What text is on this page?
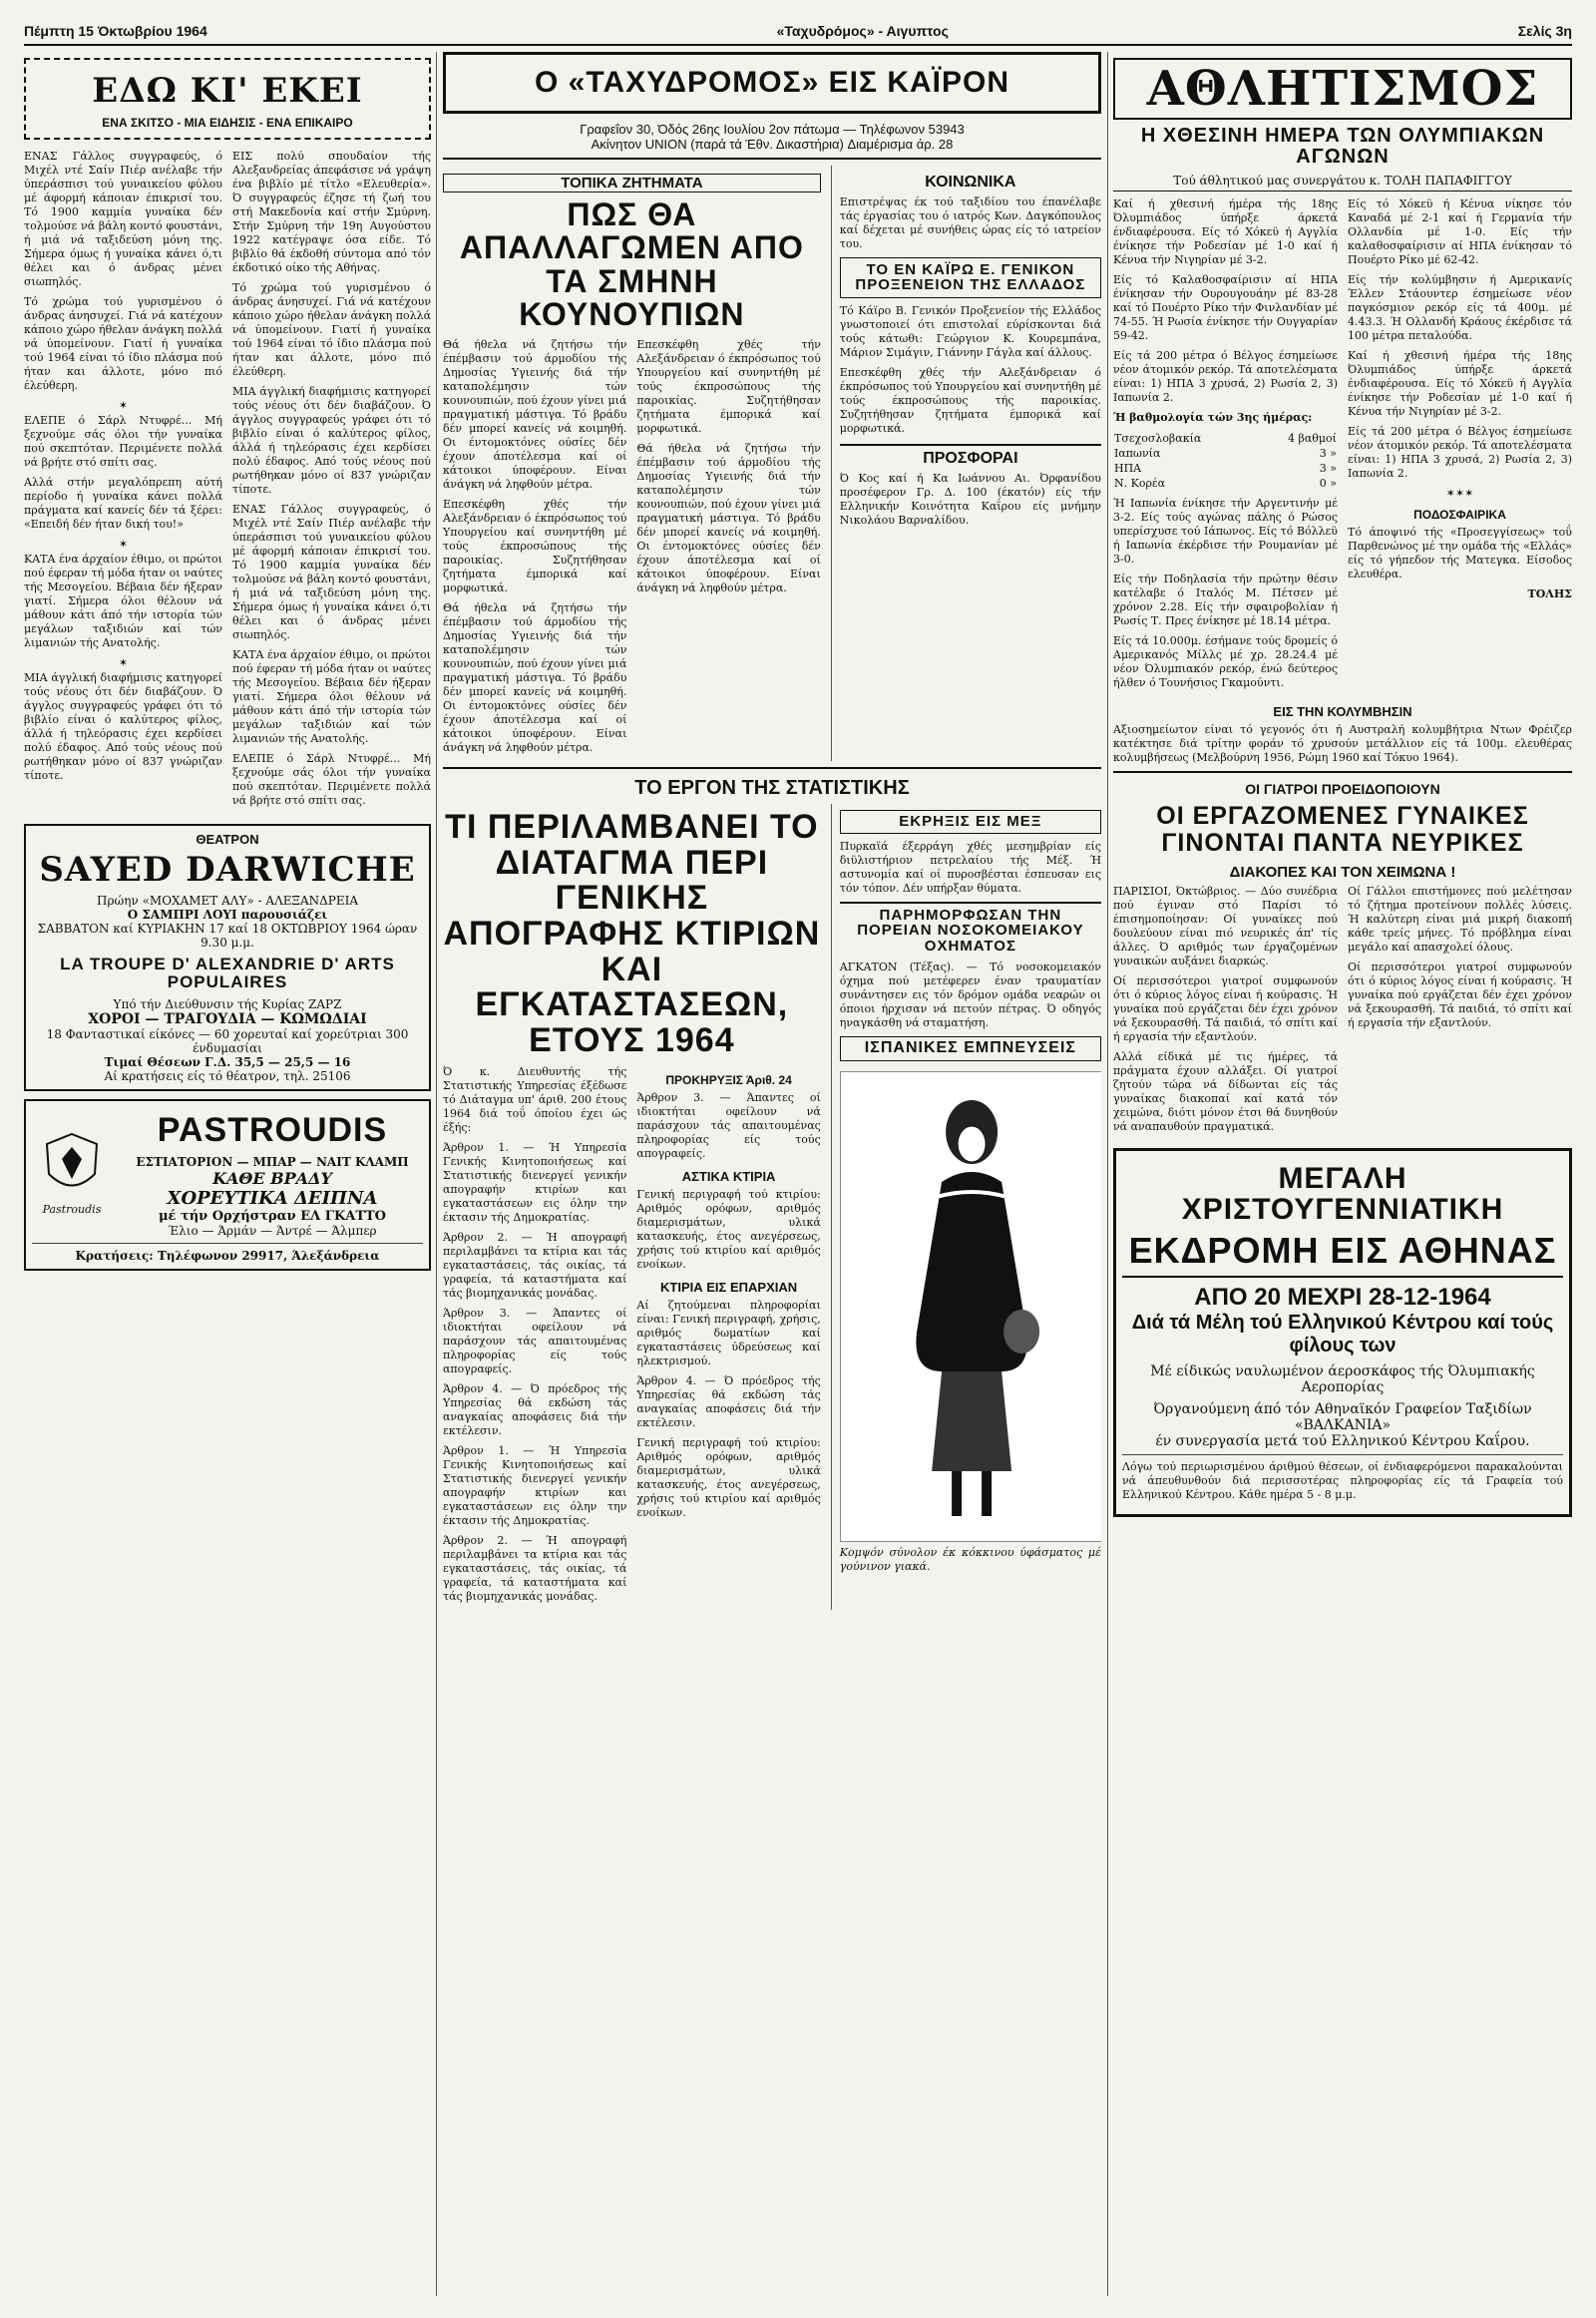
Πέμπτη 15 Όκτωβρίου 1964	«Ταχυδρόμος» - Αιγυπτος	Σελίς 3η
ΕΔΩ ΚΙ' ΕΚΕΙ
ΕΝΑ ΣΚΙΤΣΟ - ΜΙΑ ΕΙΔΗΣΙΣ - ΕΝΑ ΕΠΙΚΑΙΡΟ

ΕΝΑΣ Γάλλος συγγραφεύς, ό Μιχέλ ντέ Σαίν Πιέρ ανέλαβε τήν ύπεράσπισι τού γυναικείου φύλου μέ άφορμή κάποιαν έπικρισί του. Τό 1900 καμμία γυναίκα δέν τολμούσε νά βάλη κοντό φουστάνι, ή μιά νά ταξιδεύση μόνη της. Σήμερα όμως ή γυναίκα κάνει ό,τι θέλει και ό άνδρας μένει σιωπηλός.

Τό χρώμα τού γυρισμένου ό άνδρας άνησυχεί. Γιά νά κατέχουν κάποιο χώρο ήθελαν άνάγκη πολλά νά ύπομείνουν. Γιατί ή γυναίκα τού 1964 είναι τό ίδιο πλάσμα πού ήταν και άλλοτε, μόνο πιό έλεύθερη.

✶

ΕΛΕΠΕ ό Σάρλ Ντυφρέ... Μή ξεχνούμε σάς όλοι τήν γυναίκα πού σκεπτόταν. Περιμένετε πολλά νά βρήτε στό σπίτι σας.

Αλλά στήν μεγαλόπρεπη αύτή περίοδο ή γυναίκα κάνει πολλά πράγματα καί κανείς δέν τά ξέρει: «Επειδή δέν ήταν δική του!»

✶

ΚΑΤΑ ένα άρχαίον έθιμο, οι πρώτοι πού έφεραν τή μόδα ήταν οι ναύτες τής Μεσογείου. Βέβαια δέν ήξεραν γιατί. Σήμερα όλοι θέλουν νά μάθουν κάτι άπό τήν ιστορία τών μεγάλων ταξιδιών καί τών λιμανιών τής Ανατολής.

✶

ΜΙΑ άγγλική διαφήμισις κατηγορεί τούς νέους ότι δέν διαβάζουν. Ό άγγλος συγγραφεύς γράφει ότι τό βιβλίο είναι ό καλύτερος φίλος, άλλά ή τηλεόρασις έχει κερδίσει πολύ έδαφος. Από τούς νέους πού ρωτήθηκαν μόνο οί 837 γνώριζαν τίποτε.

ΕΙΣ πολύ σπουδαίον τής Αλεξανδρείας άπεφάσισε νά γράψη ένα βιβλίο μέ τίτλο «Ελευθερία». Ό συγγραφεύς έζησε τή ζωή του στή Μακεδονία καί στήν Σμύρνη. Στήν Σμύρνη τήν 19η Αυγούστου 1922 κατέγραψε όσα είδε. Τό βιβλίο θά έκδοθή σύντομα από τόν έκδοτικό οίκο τής Αθήνας.

Τό χρώμα τού γυρισμένου ό άνδρας άνησυχεί. Γιά νά κατέχουν κάποιο χώρο ήθελαν άνάγκη πολλά νά ύπομείνουν. Γιατί ή γυναίκα τού 1964 είναι τό ίδιο πλάσμα πού ήταν και άλλοτε, μόνο πιό έλεύθερη.

ΜΙΑ άγγλική διαφήμισις κατηγορεί τούς νέους ότι δέν διαβάζουν. Ό άγγλος συγγραφεύς γράφει ότι τό βιβλίο είναι ό καλύτερος φίλος, άλλά ή τηλεόρασις έχει κερδίσει πολύ έδαφος. Από τούς νέους πού ρωτήθηκαν μόνο οί 837 γνώριζαν τίποτε.

ΕΝΑΣ Γάλλος συγγραφεύς, ό Μιχέλ ντέ Σαίν Πιέρ ανέλαβε τήν ύπεράσπισι τού γυναικείου φύλου μέ άφορμή κάποιαν έπικρισί του. Τό 1900 καμμία γυναίκα δέν τολμούσε νά βάλη κοντό φουστάνι, ή μιά νά ταξιδεύση μόνη της. Σήμερα όμως ή γυναίκα κάνει ό,τι θέλει και ό άνδρας μένει σιωπηλός.

ΚΑΤΑ ένα άρχαίον έθιμο, οι πρώτοι πού έφεραν τή μόδα ήταν οι ναύτες τής Μεσογείου. Βέβαια δέν ήξεραν γιατί. Σήμερα όλοι θέλουν νά μάθουν κάτι άπό τήν ιστορία τών μεγάλων ταξιδιών καί τών λιμανιών τής Ανατολής.

ΕΛΕΠΕ ό Σάρλ Ντυφρέ... Μή ξεχνούμε σάς όλοι τήν γυναίκα πού σκεπτόταν. Περιμένετε πολλά νά βρήτε στό σπίτι σας.

ΘΕΑΤΡΟΝ
SAYED DARWICHE
Πρώην «ΜΟΧΑΜΕΤ ΑΛΥ» - ΑΛΕΞΑΝΔΡΕΙΑ
Ο ΣΑΜΠΡΙ ΛΟΥΙ παρουσιάζει
ΣΑΒΒΑΤΟΝ καί ΚΥΡΙΑΚΗΝ 17 καί 18 ΟΚΤΩΒΡΙΟΥ 1964 ώραν 9.30 μ.μ.
LA TROUPE D' ALEXANDRIE D' ARTS POPULAIRES
Υπό τήν Διεύθυνσιν τής Κυρίας ΖΑΡΖ
ΧΟΡΟΙ — ΤΡΑΓΟΥΔΙΑ — ΚΩΜΩΔΙΑΙ
18 Φανταστικαί είκόνες — 60 χορευταί καί χορεύτριαι 300 ένδυμασίαι
Τιμαί Θέσεων Γ.Δ. 35,5 — 25,5 — 16
Αί κρατήσεις είς τό θέατρον, τηλ. 25106
Pastroudis
PASTROUDIS
ΕΣΤΙΑΤΟΡΙΟΝ — ΜΠΑΡ — ΝΑΙΤ ΚΛΑΜΠ
ΚΑΘΕ ΒΡΑΔΥ
ΧΟΡΕΥΤΙΚΑ ΔΕΙΠΝΑ
μέ τήν Ορχήστραν ΕΛ ΓΚΑΤΤΟ
Έλιο — Άρμάν — Άντρέ — Άλμπερ
Κρατήσεις: Τηλέφωνον 29917, Άλεξάνδρεια
Ο «ΤΑΧΥΔΡΟΜΟΣ» ΕΙΣ ΚΑΪΡΟΝ
Γραφεΐον 30, Όδός 26ης Ιουλίου 2ον πάτωμα — Τηλέφωνον 53943
Ακίνητον UNION (παρά τά Έθν. Δικαστήρια) Διαμέρισμα άρ. 28
ΤΟΠΙΚΑ ΖΗΤΗΜΑΤΑ
ΠΩΣ ΘΑ ΑΠΑΛΛΑΓΩΜΕΝ ΑΠΟ ΤΑ ΣΜΗΝΗ ΚΟΥΝΟΥΠΙΩΝ

Θά ήθελα νά ζητήσω τήν έπέμβασιν τού άρμοδίου τής Δημοσίας Υγιεινής διά τήν καταπολέμησιν τών κουνουπιών, πού έχουν γίνει μιά πραγματική μάστιγα. Τό βράδυ δέν μπορεί κανείς νά κοιμηθή. Οι έντομοκτόνες ούσίες δέν έχουν άποτέλεσμα καί οί κάτοικοι ύποφέρουν. Είναι άνάγκη νά ληφθούν μέτρα.

Επεσκέφθη χθές τήν Αλεξάνδρειαν ό έκπρόσωπος τού Υπουργείου καί συνηντήθη μέ τούς έκπροσώπους τής παροικίας. Συζητήθησαν ζητήματα έμπορικά καί μορφωτικά.

Θά ήθελα νά ζητήσω τήν έπέμβασιν τού άρμοδίου τής Δημοσίας Υγιεινής διά τήν καταπολέμησιν τών κουνουπιών, πού έχουν γίνει μιά πραγματική μάστιγα. Τό βράδυ δέν μπορεί κανείς νά κοιμηθή. Οι έντομοκτόνες ούσίες δέν έχουν άποτέλεσμα καί οί κάτοικοι ύποφέρουν. Είναι άνάγκη νά ληφθούν μέτρα.

Επεσκέφθη χθές τήν Αλεξάνδρειαν ό έκπρόσωπος τού Υπουργείου καί συνηντήθη μέ τούς έκπροσώπους τής παροικίας. Συζητήθησαν ζητήματα έμπορικά καί μορφωτικά.

Θά ήθελα νά ζητήσω τήν έπέμβασιν τού άρμοδίου τής Δημοσίας Υγιεινής διά τήν καταπολέμησιν τών κουνουπιών, πού έχουν γίνει μιά πραγματική μάστιγα. Τό βράδυ δέν μπορεί κανείς νά κοιμηθή. Οι έντομοκτόνες ούσίες δέν έχουν άποτέλεσμα καί οί κάτοικοι ύποφέρουν. Είναι άνάγκη νά ληφθούν μέτρα.

ΚΟΙΝΩΝΙΚΑ

Επιστρέψας έκ τού ταξιδίου του έπανέλαβε τάς έργασίας του ό ιατρός Κων. Δαγκόπουλος καί δέχεται μέ συνήθεις ώρας είς τό ιατρείον του.

ΤΟ ΕΝ ΚΑΪΡΩ Ε. ΓΕΝΙΚΟΝ ΠΡΟΞΕΝΕΙΟΝ ΤΗΣ ΕΛΛΑΔΟΣ

Τό Κάϊρο Β. Γενικόν Προξενείον τής Ελλάδος γνωστοποιεί ότι επιστολαί εύρίσκονται διά τούς κάτωθι: Γεώργιον Κ. Κουρεμπάνα, Μάριον Σιμάγιν, Γιάννην Γάγλα καί άλλους.

Επεσκέφθη χθές τήν Αλεξάνδρειαν ό έκπρόσωπος τού Υπουργείου καί συνηντήθη μέ τούς έκπροσώπους τής παροικίας. Συζητήθησαν ζητήματα έμπορικά καί μορφωτικά.

ΠΡΟΣΦΟΡΑΙ

Ό Κος καί ή Κα Ιωάννου Αι. Όρφανίδου προσέφερον Γρ. Δ. 100 (έκατόν) είς τήν Ελληνικήν Κοινότητα Καΐρου είς μνήμην Νικολάου Βαρναλίδου.

ΤΟ ΕΡΓΟΝ ΤΗΣ ΣΤΑΤΙΣΤΙΚΗΣ
ΤΙ ΠΕΡΙΛΑΜΒΑΝΕΙ ΤΟ ΔΙΑΤΑΓΜΑ ΠΕΡΙ ΓΕΝΙΚΗΣ ΑΠΟΓΡΑΦΗΣ ΚΤΙΡΙΩΝ ΚΑΙ ΕΓΚΑΤΑΣΤΑΣΕΩΝ, ΕΤΟΥΣ 1964

Ό κ. Διευθυντής τής Στατιστικής Υπηρεσίας έξέδωσε τό Διάταγμα υπ' άριθ. 200 έτους 1964 διά τοΰ όποίου έχει ώς έξής:

Άρθρον 1. — Ή Υπηρεσία Γενικής Κινητοποιήσεως καί Στατιστικής διενεργεί γενικήν απογραφήν κτιρίων και εγκαταστάσεων εις όλην την έκτασιν τής Δημοκρατίας.

Άρθρον 2. — Ή απογραφή περιλαμβάνει τα κτίρια και τάς εγκαταστάσεις, τάς οικίας, τά γραφεία, τά καταστήματα καί τάς βιομηχανικάς μονάδας.

Άρθρον 3. — Άπαντες οί ιδιοκτήται οφείλουν νά παράσχουν τάς απαιτουμένας πληροφορίας είς τούς απογραφείς.

Άρθρον 4. — Ό πρόεδρος τής Υπηρεσίας θά εκδώση τάς αναγκαίας αποφάσεις διά τήν εκτέλεσιν.

Άρθρον 1. — Ή Υπηρεσία Γενικής Κινητοποιήσεως καί Στατιστικής διενεργεί γενικήν απογραφήν κτιρίων και εγκαταστάσεων εις όλην την έκτασιν τής Δημοκρατίας.

Άρθρον 2. — Ή απογραφή περιλαμβάνει τα κτίρια και τάς εγκαταστάσεις, τάς οικίας, τά γραφεία, τά καταστήματα καί τάς βιομηχανικάς μονάδας.

ΠΡΟΚΗΡΥΞΙΣ Άριθ. 24

Άρθρον 3. — Άπαντες οί ιδιοκτήται οφείλουν νά παράσχουν τάς απαιτουμένας πληροφορίας είς τούς απογραφείς.

ΑΣΤΙΚΑ ΚΤΙΡΙΑ

Γενική περιγραφή τού κτιρίου: Αριθμός ορόφων, αριθμός διαμερισμάτων, υλικά κατασκευής, έτος ανεγέρσεως, χρήσις τού κτιρίου καί αριθμός ενοίκων.

ΚΤΙΡΙΑ ΕΙΣ ΕΠΑΡΧΙΑΝ

Αί ζητούμεναι πληροφορίαι είναι: Γενική περιγραφή, χρήσις, αριθμός δωματίων καί εγκαταστάσεις ύδρεύσεως καί ηλεκτρισμού.

Άρθρον 4. — Ό πρόεδρος τής Υπηρεσίας θά εκδώση τάς αναγκαίας αποφάσεις διά τήν εκτέλεσιν.

Γενική περιγραφή τού κτιρίου: Αριθμός ορόφων, αριθμός διαμερισμάτων, υλικά κατασκευής, έτος ανεγέρσεως, χρήσις τού κτιρίου καί αριθμός ενοίκων.

ΕΚΡΗΞΙΣ ΕΙΣ ΜΕΞ

Πυρκαϊά έξερράγη χθές μεσημβρίαν είς διϋλιστήριον πετρελαίου τής Μέξ. Ή αστυνομία καί οί πυροσβέσται έσπευσαν εις τόν τόπον. Δέν υπήρξαν θύματα.

ΠΑΡΗΜΟΡΦΩΣΑΝ ΤΗΝ ΠΟΡΕΙΑΝ ΝΟΣΟΚΟΜΕΙΑΚΟΥ ΟΧΗΜΑΤΟΣ

ΑΓΚΑΤΟΝ (Τέξας). — Τό νοσοκομειακόν όχημα πού μετέφερεν έναν τραυματίαν συνάντησεν εις τόν δρόμον ομάδα νεαρών οι όποιοι ήρχισαν νά πετούν πέτρας. Ό οδηγός ηναγκάσθη νά σταματήση.

ΙΣΠΑΝΙΚΕΣ ΕΜΠΝΕΥΣΕΙΣ
Κομψόν σύνολον έκ κόκκινου ύφάσματος μέ γούνινον γιακά.
ΑΘΛΗΤΙΣΜΟΣ
Η ΧΘΕΣΙΝΗ ΗΜΕΡΑ ΤΩΝ ΟΛΥΜΠΙΑΚΩΝ ΑΓΩΝΩΝ
Τού άθλητικού μας συνεργάτου κ. ΤΟΛΗ ΠΑΠΑΦΙΓΓΟΥ

Καί ή χθεσινή ήμέρα τής 18ης Όλυμπιάδος ύπήρξε άρκετά ένδιαφέρουσα. Είς τό Χόκεϋ ή Αγγλία ένίκησε τήν Ροδεσίαν μέ 1-0 καί ή Κένυα τήν Νιγηρίαν μέ 3-2.

Είς τό Καλαθοσφαίρισιν αί ΗΠΑ ένίκησαν τήν Ουρουγουάην μέ 83-28 καί τό Πουέρτο Ρίκο τήν Φινλανδίαν μέ 74-55. Ή Ρωσία ένίκησε τήν Ουγγαρίαν 59-42.

Είς τά 200 μέτρα ό Βέλγος έσημείωσε νέον άτομικόν ρεκόρ. Τά αποτελέσματα είναι: 1) ΗΠΑ 3 χρυσά, 2) Ρωσία 2, 3) Ιαπωνία 2.

Ή βαθμολογία τών 3ης ήμέρας:
Τσεχοσλοβακία	4 βαθμοί
Ιαπωνία	3 »
ΗΠΑ	3 »
Ν. Κορέα	0 »

Ή Ιαπωνία ένίκησε τήν Αργεντινήν μέ 3-2. Είς τούς αγώνας πάλης ό Ρώσος υπερίσχυσε τού Ιάπωνος. Είς τό Βόλλεϋ ή Ιαπωνία έκέρδισε τήν Ρουμανίαν μέ 3-0.

Είς τήν Ποδηλασία τήν πρώτην θέσιν κατέλαβε ό Ιταλός Μ. Πέτσεν μέ χρόνον 2.28. Είς τήν σφαιροβολίαν ή Ρωσίς Τ. Πρες ένίκησε μέ 18.14 μέτρα.

Είς τά 10.000μ. έσήμανε τούς δρομείς ό Αμερικανός Μίλλς μέ χρ. 28.24.4 μέ νέον Όλυμπιακόν ρεκόρ, ένώ δεύτερος ήλθεν ό Τουνήσιος Γκαμούντι.

Είς τό Χόκεϋ ή Κένυα νίκησε τόν Καναδά μέ 2-1 καί ή Γερμανία τήν Ολλανδία μέ 1-0. Είς τήν καλαθοσφαίρισιν αί ΗΠΑ ένίκησαν τό Πουέρτο Ρίκο μέ 62-42.

Είς τήν κολύμβησιν ή Αμερικανίς Έλλεν Στάουντερ έσημείωσε νέον παγκόσμιον ρεκόρ είς τά 400μ. μέ 4.43.3. Ή Ολλανδή Κράους έκέρδισε τά 100 μέτρα πεταλούδα.

Καί ή χθεσινή ήμέρα τής 18ης Όλυμπιάδος ύπήρξε άρκετά ένδιαφέρουσα. Είς τό Χόκεϋ ή Αγγλία ένίκησε τήν Ροδεσίαν μέ 1-0 καί ή Κένυα τήν Νιγηρίαν μέ 3-2.

Είς τά 200 μέτρα ό Βέλγος έσημείωσε νέον άτομικόν ρεκόρ. Τά αποτελέσματα είναι: 1) ΗΠΑ 3 χρυσά, 2) Ρωσία 2, 3) Ιαπωνία 2.

✶✶✶
ΠΟΔΟΣΦΑΙΡΙΚΑ

Τό άποψινό τής «Προσεγγίσεως» τοΰ Παρθενώνος μέ την ομάδα τής «Ελλάς» είς τό γήπεδον τής Ματεγκα. Είσοδος ελευθέρα.

ΤΟΛΗΣ
ΕΙΣ ΤΗΝ ΚΟΛΥΜΒΗΣΙΝ

Αξιοσημείωτον είναι τό γεγονός ότι ή Αυστραλή κολυμβήτρια Ντων Φρέιζερ κατέκτησε διά τρίτην φοράν τό χρυσούν μετάλλιον είς τά 100μ. ελευθέρας κολυμβήσεως (Μελβούρνη 1956, Ρώμη 1960 καί Τόκυο 1964).

ΟΙ ΓΙΑΤΡΟΙ ΠΡΟΕΙΔΟΠΟΙΟΥΝ
ΟΙ ΕΡΓΑΖΟΜΕΝΕΣ ΓΥΝΑΙΚΕΣ ΓΙΝΟΝΤΑΙ ΠΑΝΤΑ ΝΕΥΡΙΚΕΣ
ΔΙΑΚΟΠΕΣ ΚΑΙ ΤΟΝ ΧΕΙΜΩΝΑ !

ΠΑΡΙΣΙΟΙ, Όκτώβριος. — Δύο συνέδρια πού έγιναν στό Παρίσι τό έπισημοποίησαν: Οί γυναίκες πού δουλεύουν είναι πιό νευρικές άπ' τίς άλλες. Ό αριθμός των έργαζομένων γυναικών αυξάνει διαρκώς.

Οί περισσότεροι γιατροί συμφωνούν ότι ό κύριος λόγος είναι ή κούρασις. Ή γυναίκα πού εργάζεται δέν έχει χρόνον νά ξεκουρασθή. Τά παιδιά, τό σπίτι καί ή εργασία τήν εξαντλούν.

Αλλά είδικά μέ τις ήμέρες, τά πράγματα έχουν αλλάξει. Οί γιατροί ζητούν τώρα νά δίδωνται είς τάς γυναίκας διακοπαί καί κατά τόν χειμώνα, διότι μόνον έτσι θά δυνηθούν νά αναπαυθούν πραγματικά.

Οί Γάλλοι επιστήμονες πού μελέτησαν τό ζήτημα προτείνουν πολλές λύσεις. Ή καλύτερη είναι μιά μικρή διακοπή κάθε τρείς μήνες. Τό πρόβλημα είναι μεγάλο καί απασχολεί όλους.

Οί περισσότεροι γιατροί συμφωνούν ότι ό κύριος λόγος είναι ή κούρασις. Ή γυναίκα πού εργάζεται δέν έχει χρόνον νά ξεκουρασθή. Τά παιδιά, τό σπίτι καί ή εργασία τήν εξαντλούν.

ΜΕΓΑΛΗ ΧΡΙΣΤΟΥΓΕΝΝΙΑΤΙΚΗ
ΕΚΔΡΟΜΗ ΕΙΣ ΑΘΗΝΑΣ
ΑΠΟ 20 ΜΕΧΡΙ 28-12-1964
Διά τά Μέλη τού Ελληνικού Κέντρου καί τούς φίλους των
Μέ είδικώς ναυλωμένον άεροσκάφος τής Όλυμπιακής Αεροπορίας
Όργανούμενη άπό τόν Αθηναϊκόν Γραφείον Ταξιδίων «ΒΑΛΚΑΝΙΑ»
έν συνεργασία μετά τού Ελληνικού Κέντρου Καΐρου.
Λόγω τού περιωρισμένου άριθμού θέσεων, οί ένδιαφερόμενοι παρακαλούνται νά άπευθυνθούν διά περισσοτέρας πληροφορίας είς τά Γραφεία τού Ελληνικού Κέντρου. Κάθε ημέρα 5 - 8 μ.μ.
